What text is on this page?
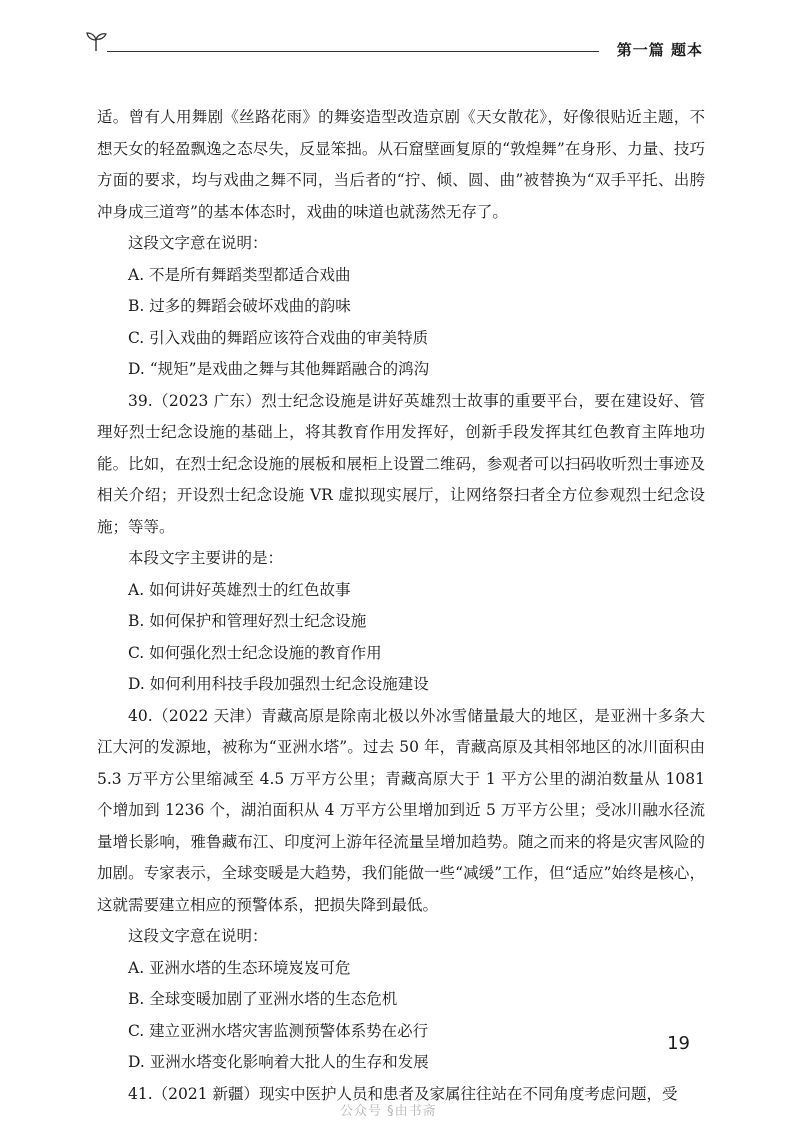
第一篇 题本

适。曾有人用舞剧《丝路花雨》的舞姿造型改造京剧《天女散花》，好像很贴近主题，不想天女的轻盈飘逸之态尽失，反显笨拙。从石窟壁画复原的“敦煌舞”在身形、力量、技巧方面的要求，均与戏曲之舞不同，当后者的“拧、倾、圆、曲”被替换为“双手平托、出胯冲身成三道弯”的基本体态时，戏曲的味道也就荡然无存了。

这段文字意在说明：

A. 不是所有舞蹈类型都适合戏曲

B. 过多的舞蹈会破坏戏曲的韵味

C. 引入戏曲的舞蹈应该符合戏曲的审美特质

D. “规矩”是戏曲之舞与其他舞蹈融合的鸿沟

39.（2023 广东）烈士纪念设施是讲好英雄烈士故事的重要平台，要在建设好、管理好烈士纪念设施的基础上，将其教育作用发挥好，创新手段发挥其红色教育主阵地功能。比如，在烈士纪念设施的展板和展柜上设置二维码，参观者可以扫码收听烈士事迹及相关介绍；开设烈士纪念设施 VR 虚拟现实展厅，让网络祭扫者全方位参观烈士纪念设施；等等。

本段文字主要讲的是：

A. 如何讲好英雄烈士的红色故事

B. 如何保护和管理好烈士纪念设施

C. 如何强化烈士纪念设施的教育作用

D. 如何利用科技手段加强烈士纪念设施建设

40.（2022 天津）青藏高原是除南北极以外冰雪储量最大的地区，是亚洲十多条大江大河的发源地，被称为“亚洲水塔”。过去 50 年，青藏高原及其相邻地区的冰川面积由 5.3 万平方公里缩减至 4.5 万平方公里；青藏高原大于 1 平方公里的湖泊数量从 1081 个增加到 1236 个，湖泊面积从 4 万平方公里增加到近 5 万平方公里；受冰川融水径流量增长影响，雅鲁藏布江、印度河上游年径流量呈增加趋势。随之而来的将是灾害风险的加剧。专家表示，全球变暖是大趋势，我们能做一些“减缓”工作，但“适应”始终是核心，这就需要建立相应的预警体系，把损失降到最低。

这段文字意在说明：

A. 亚洲水塔的生态环境岌岌可危

B. 全球变暖加剧了亚洲水塔的生态危机

C. 建立亚洲水塔灾害监测预警体系势在必行

D. 亚洲水塔变化影响着大批人的生存和发展

41.（2021 新疆）现实中医护人员和患者及家属往往站在不同角度考虑问题，受

19
公众号 §由书斋
